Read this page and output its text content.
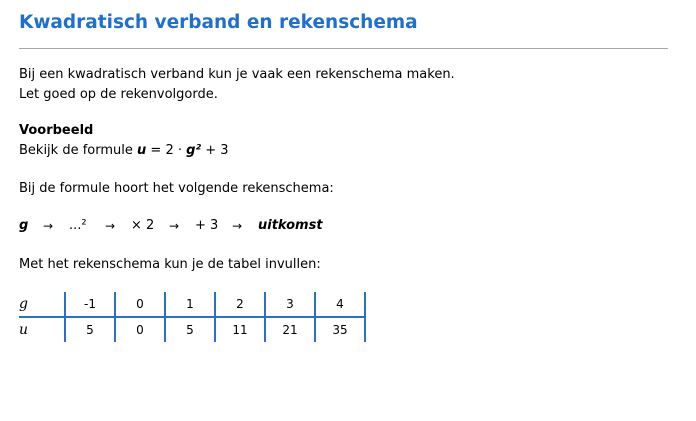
Kwadratisch verband en rekenschema
Bij een kwadratisch verband kun je vaak een rekenschema maken.
Let goed op de rekenvolgorde.
Voorbeeld
Bekijk de formule u = 2 · g² + 3
Bij de formule hoort het volgende rekenschema:
g → ...² → × 2 → + 3 → uitkomst
Met het rekenschema kun je de tabel invullen:
g	-1	0	1	2	3	4
u	5	0	5	11	21	35
